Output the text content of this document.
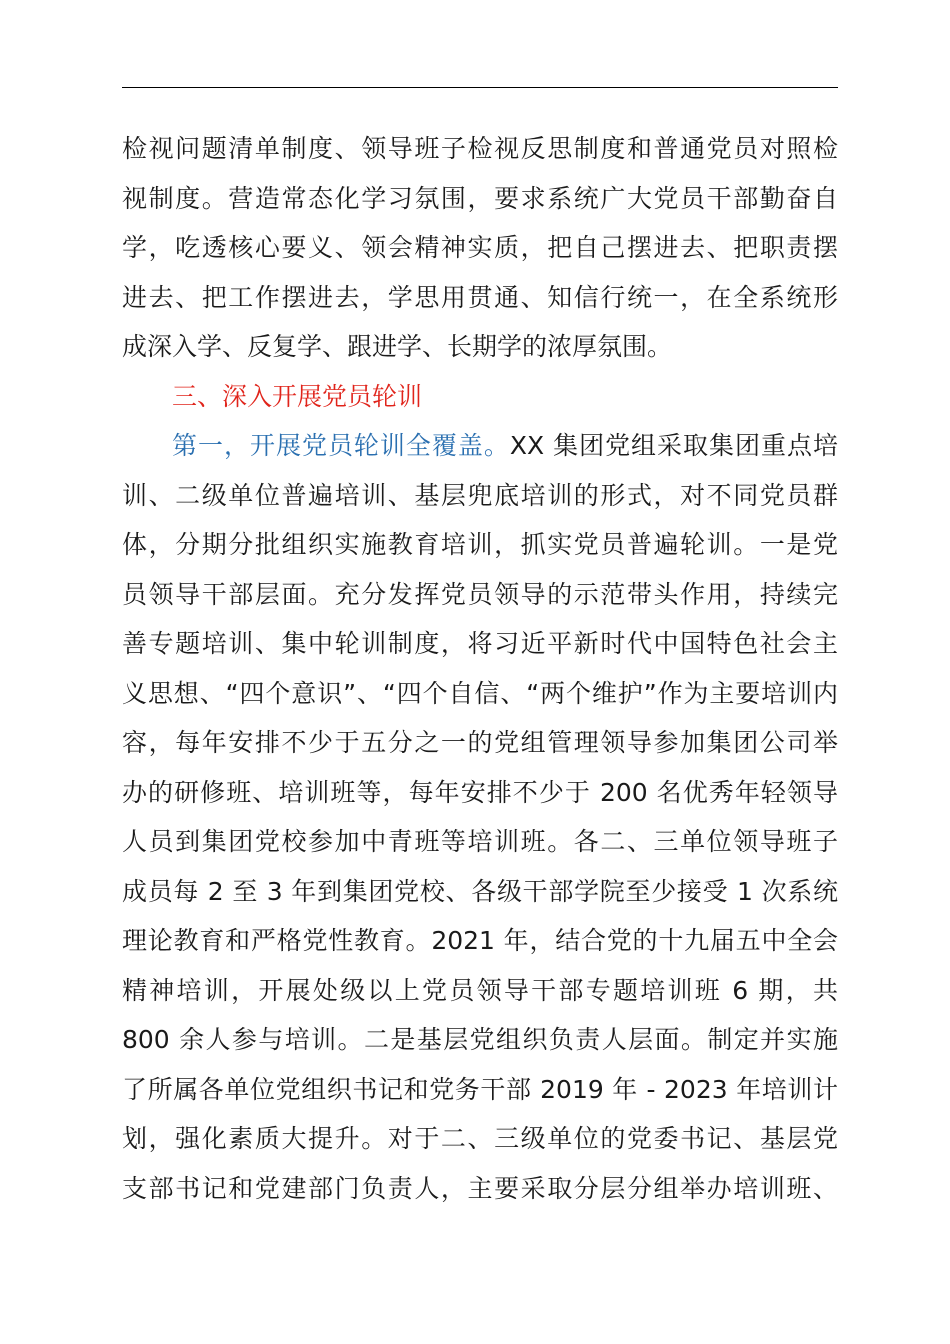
检视问题清单制度、领导班子检视反思制度和普通党员对照检
视制度。营造常态化学习氛围，要求系统广大党员干部勤奋自
学，吃透核心要义、领会精神实质，把自己摆进去、把职责摆
进去、把工作摆进去，学思用贯通、知信行统一，在全系统形
成深入学、反复学、跟进学、长期学的浓厚氛围。
三、深入开展党员轮训
第一，开展党员轮训全覆盖。XX 集团党组采取集团重点培
训、二级单位普遍培训、基层兜底培训的形式，对不同党员群
体，分期分批组织实施教育培训，抓实党员普遍轮训。一是党
员领导干部层面。充分发挥党员领导的示范带头作用，持续完
善专题培训、集中轮训制度，将习近平新时代中国特色社会主
义思想、“四个意识”、“四个自信、“两个维护”作为主要培训内
容，每年安排不少于五分之一的党组管理领导参加集团公司举
办的研修班、培训班等，每年安排不少于 200 名优秀年轻领导
人员到集团党校参加中青班等培训班。各二、三单位领导班子
成员每 2 至 3 年到集团党校、各级干部学院至少接受 1 次系统
理论教育和严格党性教育。2021 年，结合党的十九届五中全会
精神培训，开展处级以上党员领导干部专题培训班 6 期，共
800 余人参与培训。二是基层党组织负责人层面。制定并实施
了所属各单位党组织书记和党务干部 2019 年 - 2023 年培训计
划，强化素质大提升。对于二、三级单位的党委书记、基层党
支部书记和党建部门负责人，主要采取分层分组举办培训班、
